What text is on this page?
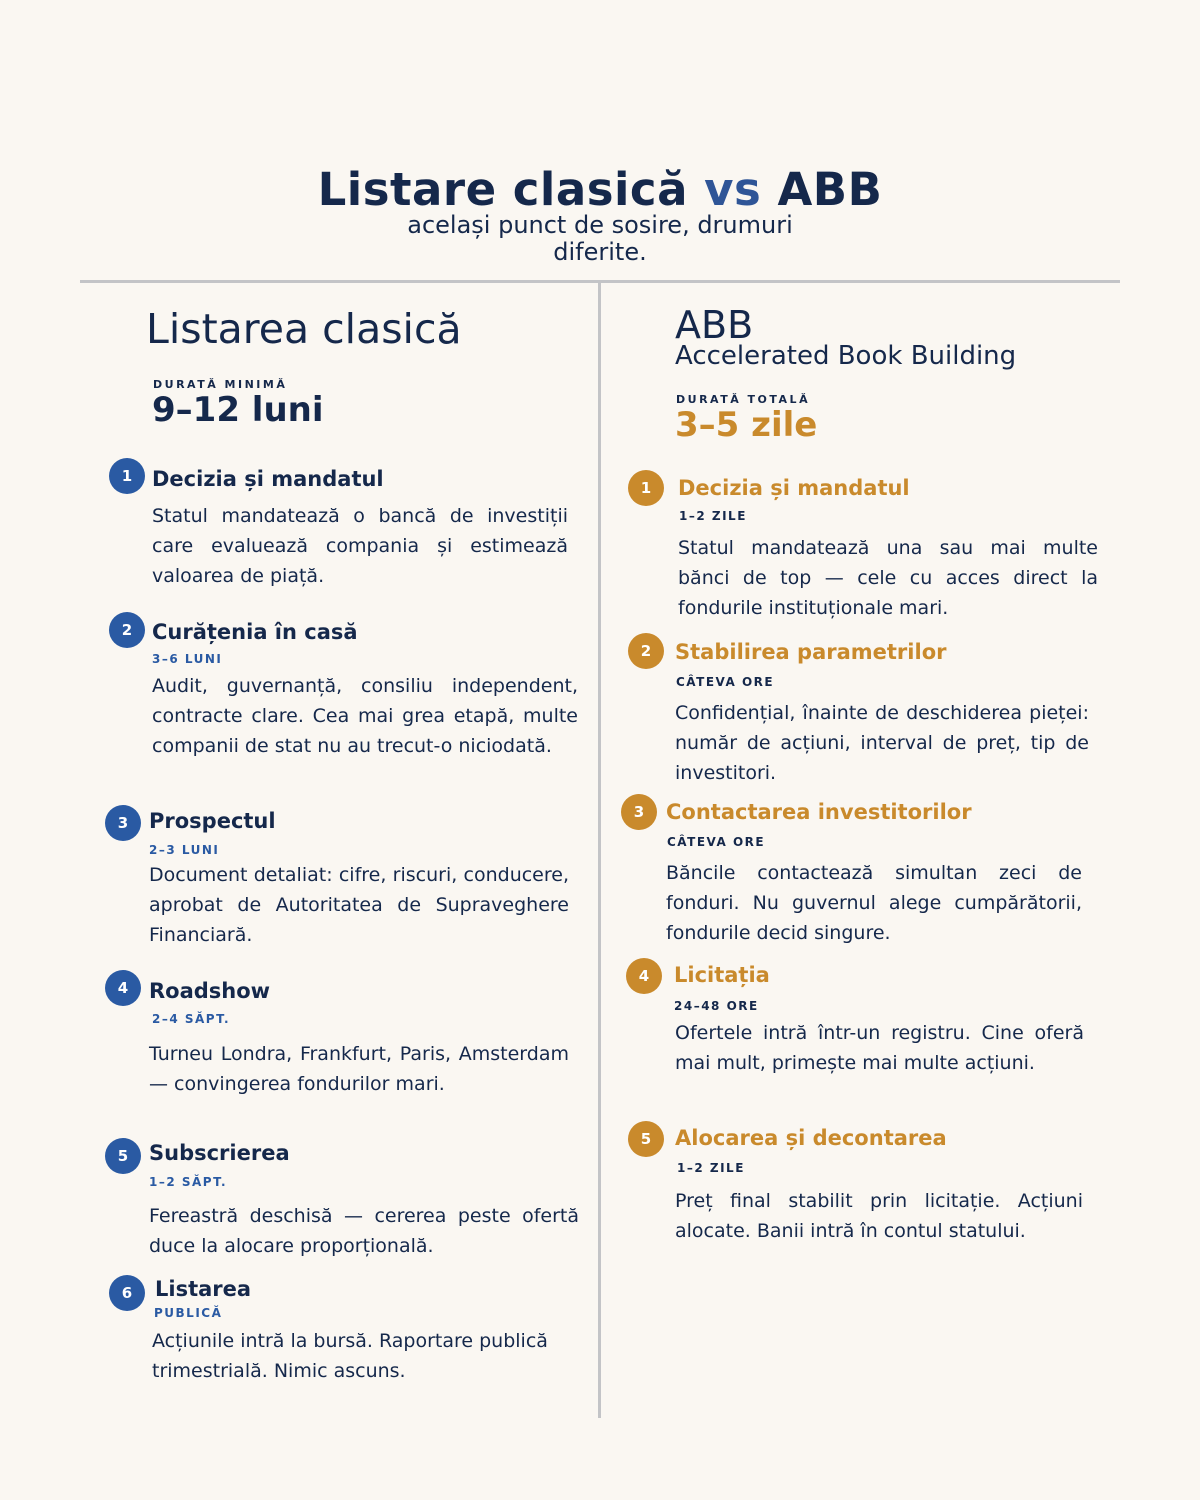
Listare clasică vs ABB
același punct de sosire, drumuri diferite.
Listarea clasică
DURATĂ MINIMĂ
9–12 luni
1 Decizia și mandatul
Statul mandatează o bancă de investiții care evaluează compania și estimează valoarea de piață.
2 Curățenia în casă
3–6 LUNI
Audit, guvernanță, consiliu independent, contracte clare. Cea mai grea etapă, multe companii de stat nu au trecut-o niciodată.
3 Prospectul
2–3 LUNI
Document detaliat: cifre, riscuri, conducere, aprobat de Autoritatea de Supraveghere Financiară.
4 Roadshow
2–4 SĂPT.
Turneu Londra, Frankfurt, Paris, Amsterdam — convingerea fondurilor mari.
5 Subscrierea
1–2 SĂPT.
Fereastră deschisă — cererea peste ofertă duce la alocare proporțională.
6	Listarea
PUBLICĂ
Acțiunile intră la bursă. Raportare publică trimestrială. Nimic ascuns.
ABB
Accelerated Book Building
DURATĂ TOTALĂ
3–5 zile
1	Decizia și mandatul
1–2 ZILE
Statul mandatează una sau mai multe bănci de top — cele cu acces direct la fondurile instituționale mari.
2	Stabilirea parametrilor
CÂTEVA ORE
Confidențial, înainte de deschiderea pieței: număr de acțiuni, interval de preț, tip de investitori.
3	Contactarea investitorilor
CÂTEVA ORE
Băncile contactează simultan zeci de fonduri. Nu guvernul alege cumpărătorii, fondurile decid singure.
4	Licitația
24–48 ORE
Ofertele intră într-un registru. Cine oferă mai mult, primește mai multe acțiuni.
5	Alocarea și decontarea
1–2 ZILE
Preț final stabilit prin licitație. Acțiuni alocate. Banii intră în contul statului.
